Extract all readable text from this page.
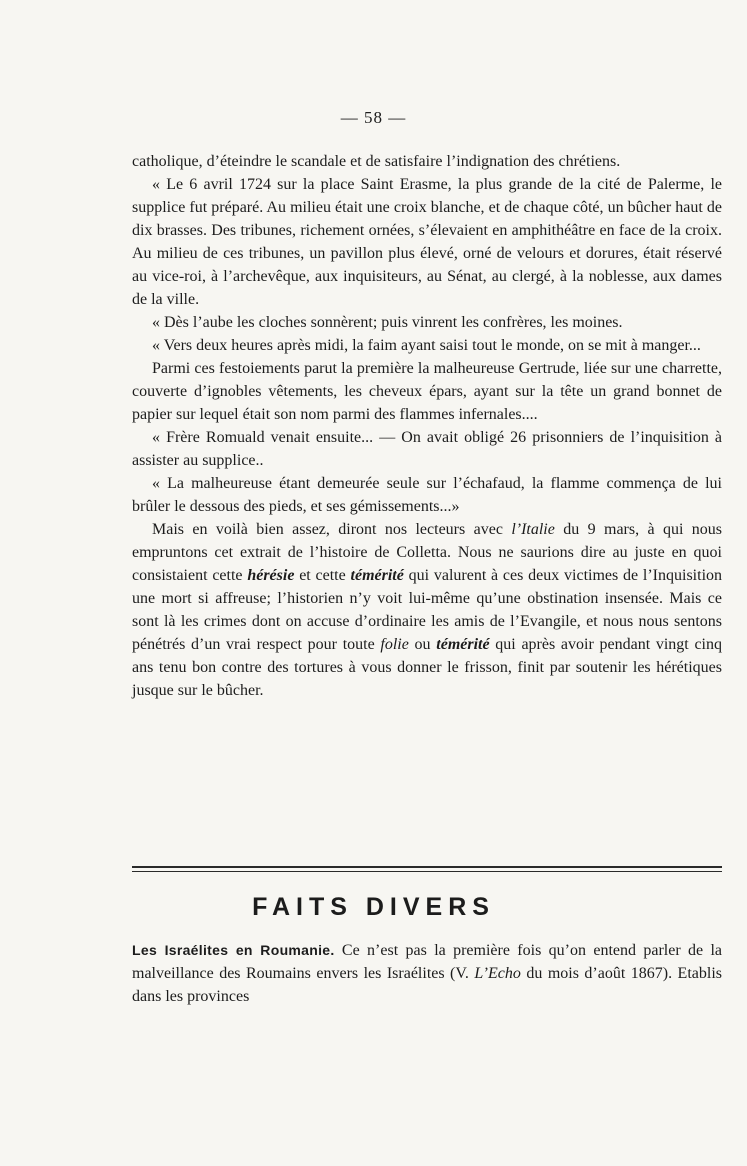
— 58 —

catholique, d’éteindre le scandale et de satisfaire l’indignation des chrétiens.

« Le 6 avril 1724 sur la place Saint Erasme, la plus grande de la cité de Palerme, le supplice fut préparé. Au milieu était une croix blanche, et de chaque côté, un bûcher haut de dix brasses. Des tribunes, richement ornées, s’élevaient en amphithéâtre en face de la croix. Au milieu de ces tribunes, un pavillon plus élevé, orné de velours et dorures, était réservé au vice-roi, à l’archevêque, aux inquisiteurs, au Sénat, au clergé, à la noblesse, aux dames de la ville.

« Dès l’aube les cloches sonnèrent; puis vinrent les confrères, les moines.

« Vers deux heures après midi, la faim ayant saisi tout le monde, on se mit à manger...

Parmi ces festoiements parut la première la malheureuse Gertrude, liée sur une charrette, couverte d’ignobles vêtements, les cheveux épars, ayant sur la tête un grand bonnet de papier sur lequel était son nom parmi des flammes infernales....

« Frère Romuald venait ensuite... — On avait obligé 26 prisonniers de l’inquisition à assister au supplice..

« La malheureuse étant demeurée seule sur l’échafaud, la flamme commença de lui brûler le dessous des pieds, et ses gémissements...»

Mais en voilà bien assez, diront nos lecteurs avec l’Italie du 9 mars, à qui nous empruntons cet extrait de l’histoire de Colletta. Nous ne saurions dire au juste en quoi consistaient cette hérésie et cette témérité qui valurent à ces deux victimes de l’Inquisition une mort si affreuse; l’historien n’y voit lui-même qu’une obstination insensée. Mais ce sont là les crimes dont on accuse d’ordinaire les amis de l’Evangile, et nous nous sentons pénétrés d’un vrai respect pour toute folie ou témérité qui après avoir pendant vingt cinq ans tenu bon contre des tortures à vous donner le frisson, finit par soutenir les hérétiques jusque sur le bûcher.

FAITS DIVERS

Les Israélites en Roumanie. Ce n’est pas la première fois qu’on entend parler de la malveillance des Roumains envers les Israélites (V. L’Echo du mois d’août 1867). Etablis dans les provinces
